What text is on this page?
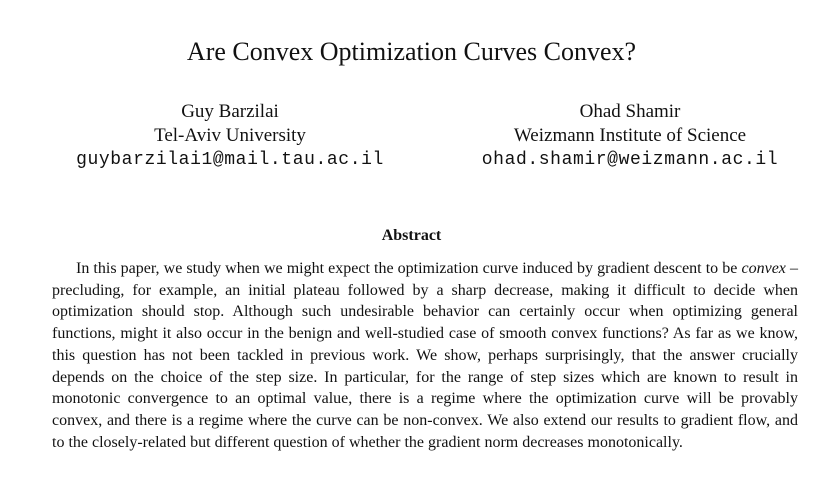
Are Convex Optimization Curves Convex?
Guy Barzilai
Tel-Aviv University
guybarzilai1@mail.tau.ac.il
Ohad Shamir
Weizmann Institute of Science
ohad.shamir@weizmann.ac.il
Abstract

In this paper, we study when we might expect the optimization curve induced by gradient descent to be convex – precluding, for example, an initial plateau followed by a sharp decrease, making it difficult to decide when optimization should stop. Although such undesirable behavior can certainly occur when optimizing general functions, might it also occur in the benign and well-studied case of smooth convex functions? As far as we know, this question has not been tackled in previous work. We show, perhaps surprisingly, that the answer crucially depends on the choice of the step size. In particular, for the range of step sizes which are known to result in monotonic convergence to an optimal value, there is a regime where the optimization curve will be provably convex, and there is a regime where the curve can be non-convex. We also extend our results to gradient flow, and to the closely-related but different question of whether the gradient norm decreases monotonically.
